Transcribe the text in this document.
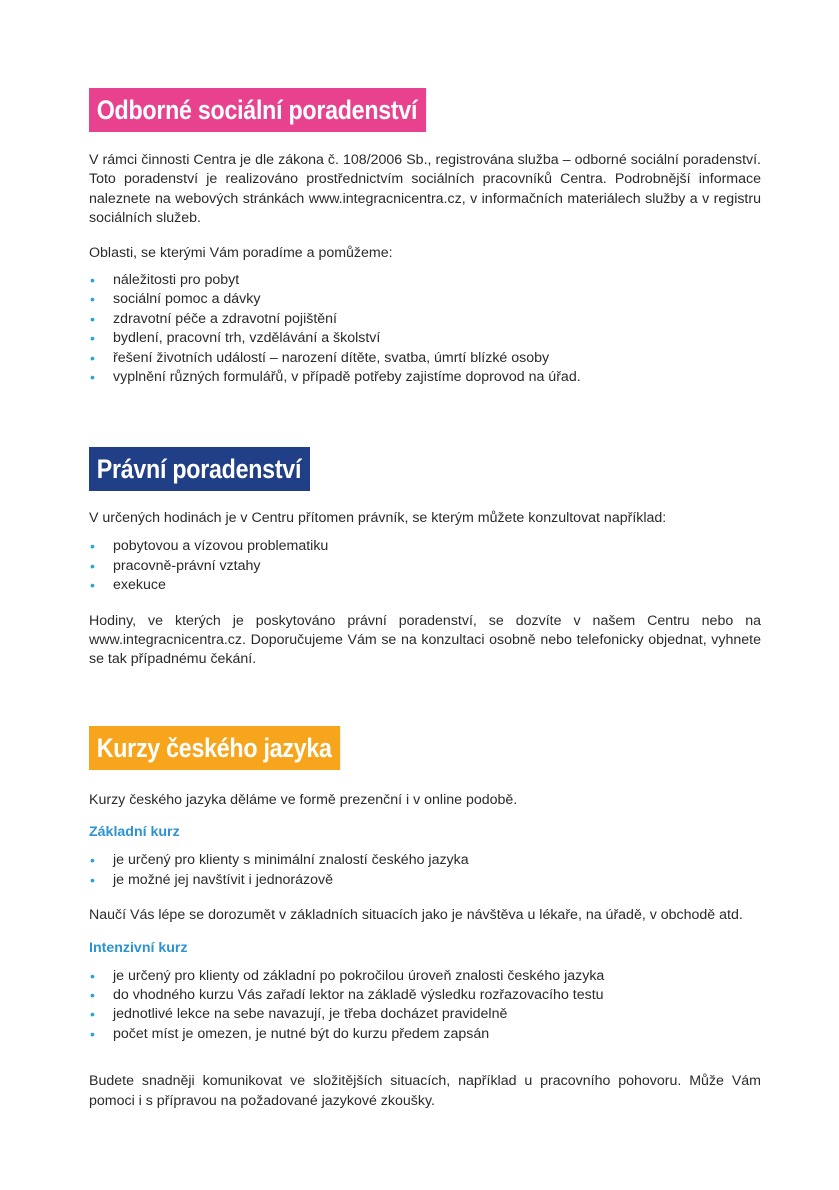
Odborné sociální poradenství

V rámci činnosti Centra je dle zákona č. 108/2006 Sb., registrována služba – odborné sociální poradenství. Toto poradenství je realizováno prostřednictvím sociálních pracovníků Centra. Podrobnější informace naleznete na webových stránkách www.integracnicentra.cz, v informačních materiálech služby a v registru sociálních služeb.

Oblasti, se kterými Vám poradíme a pomůžeme:

• náležitosti pro pobyt
• sociální pomoc a dávky
• zdravotní péče a zdravotní pojištění
• bydlení, pracovní trh, vzdělávání a školství
• řešení životních událostí – narození dítěte, svatba, úmrtí blízké osoby
• vyplnění různých formulářů, v případě potřeby zajistíme doprovod na úřad.
Právní poradenství

V určených hodinách je v Centru přítomen právník, se kterým můžete konzultovat například:

• pobytovou a vízovou problematiku
• pracovně-právní vztahy
• exekuce

Hodiny, ve kterých je poskytováno právní poradenství, se dozvíte v našem Centru nebo na www.integracnicentra.cz. Doporučujeme Vám se na konzultaci osobně nebo telefonicky objednat, vyhnete se tak případnému čekání.

Kurzy českého jazyka

Kurzy českého jazyka děláme ve formě prezenční i v online podobě.

Základní kurz
• je určený pro klienty s minimální znalostí českého jazyka
• je možné jej navštívit i jednorázově

Naučí Vás lépe se dorozumět v základních situacích jako je návštěva u lékaře, na úřadě, v obchodě atd.

Intenzivní kurz
• je určený pro klienty od základní po pokročilou úroveň znalosti českého jazyka
• do vhodného kurzu Vás zařadí lektor na základě výsledku rozřazovacího testu
• jednotlivé lekce na sebe navazují, je třeba docházet pravidelně
• počet míst je omezen, je nutné být do kurzu předem zapsán

Budete snadněji komunikovat ve složitějších situacích, například u pracovního pohovoru. Může Vám pomoci i s přípravou na požadované jazykové zkoušky.
